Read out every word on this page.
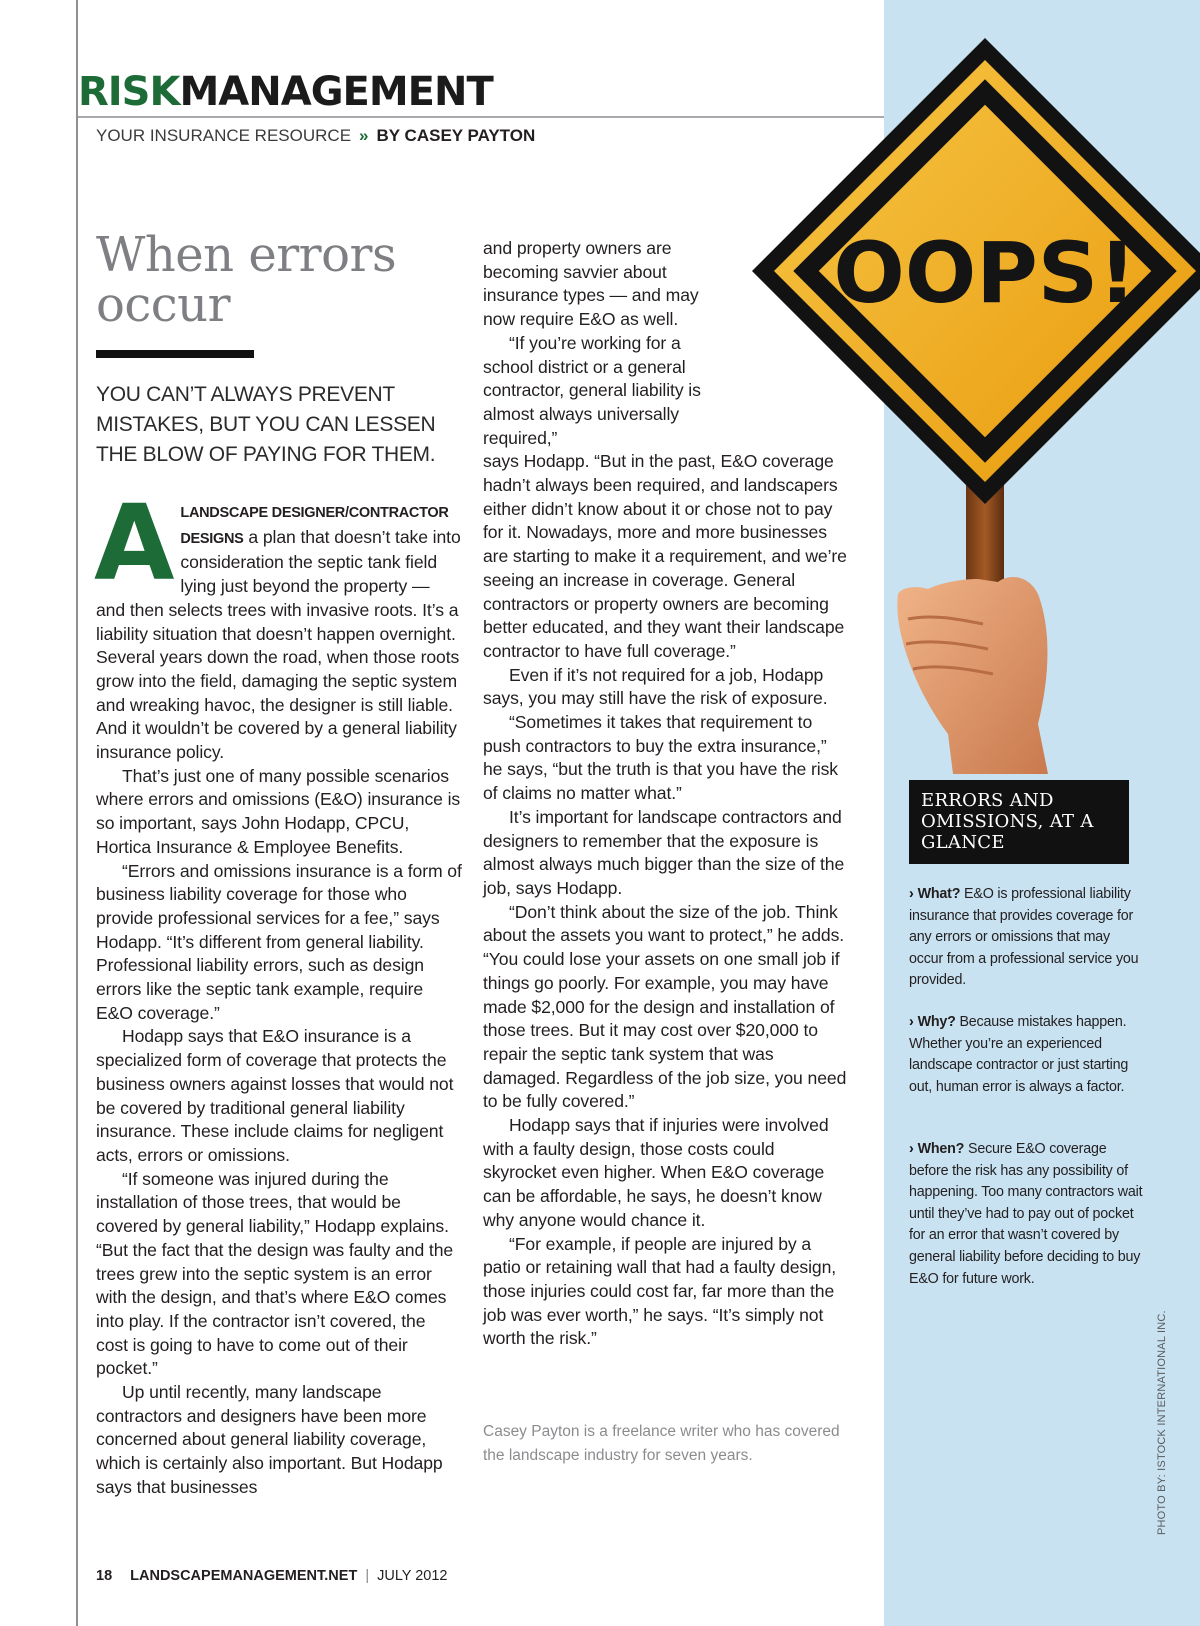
RISKMANAGEMENT
YOUR INSURANCE RESOURCE » BY CASEY PAYTON
When errors occur
YOU CAN’T ALWAYS PREVENT MISTAKES, BUT YOU CAN LESSEN THE BLOW OF PAYING FOR THEM.

ALANDSCAPE DESIGNER/CONTRACTOR DESIGNS a plan that doesn’t take into consideration the septic tank field lying just beyond the property — and then selects trees with invasive roots. It’s a liability situation that doesn’t happen overnight. Several years down the road, when those roots grow into the field, damaging the septic system and wreaking havoc, the designer is still liable. And it wouldn’t be covered by a general liability insurance policy.

That’s just one of many possible scenarios where errors and omissions (E&O) insurance is so important, says John Hodapp, CPCU, Hortica Insurance & Employee Benefits.

“Errors and omissions insurance is a form of business liability coverage for those who provide professional services for a fee,” says Hodapp. “It’s different from general liability. Professional liability errors, such as design errors like the septic tank example, require E&O coverage.”

Hodapp says that E&O insurance is a specialized form of coverage that protects the business owners against losses that would not be covered by traditional general liability insurance. These include claims for negligent acts, errors or omissions.

“If someone was injured during the installation of those trees, that would be covered by general liability,” Hodapp explains. “But the fact that the design was faulty and the trees grew into the septic system is an error with the design, and that’s where E&O comes into play. If the contractor isn’t covered, the cost is going to have to come out of their pocket.”

Up until recently, many landscape contractors and designers have been more concerned about general liability coverage, which is certainly also important. But Hodapp says that businesses

and property owners are becoming savvier about insurance types — and may now require E&O as well.

“If you’re working for a school district or a general contractor, general liability is almost always universally required,”

says Hodapp. “But in the past, E&O coverage hadn’t always been required, and landscapers either didn’t know about it or chose not to pay for it. Nowadays, more and more businesses are starting to make it a requirement, and we’re seeing an increase in coverage. General contractors or property owners are becoming better educated, and they want their landscape contractor to have full coverage.”

Even if it’s not required for a job, Hodapp says, you may still have the risk of exposure.

“Sometimes it takes that requirement to push contractors to buy the extra insurance,” he says, “but the truth is that you have the risk of claims no matter what.”

It’s important for landscape contractors and designers to remember that the exposure is almost always much bigger than the size of the job, says Hodapp.

“Don’t think about the size of the job. Think about the assets you want to protect,” he adds. “You could lose your assets on one small job if things go poorly. For example, you may have made $2,000 for the design and installation of those trees. But it may cost over $20,000 to repair the septic tank system that was damaged. Regardless of the job size, you need to be fully covered.”

Hodapp says that if injuries were involved with a faulty design, those costs could skyrocket even higher. When E&O coverage can be affordable, he says, he doesn’t know why anyone would chance it.

“For example, if people are injured by a patio or retaining wall that had a faulty design, those injuries could cost far, far more than the job was ever worth,” he says. “It’s simply not worth the risk.”

Casey Payton is a freelance writer who has covered the landscape industry for seven years.
OOPS!
ERRORS AND OMISSIONS, AT A GLANCE
› What? E&O is professional liability insurance that provides coverage for any errors or omissions that may occur from a professional service you provided.
› Why? Because mistakes happen. Whether you’re an experienced landscape contractor or just starting out, human error is always a factor.
› When? Secure E&O coverage before the risk has any possibility of happening. Too many contractors wait until they’ve had to pay out of pocket for an error that wasn’t covered by general liability before deciding to buy E&O for future work.
PHOTO BY: ISTOCK INTERNATIONAL INC.
18 LANDSCAPEMANAGEMENT.NET | JULY 2012
